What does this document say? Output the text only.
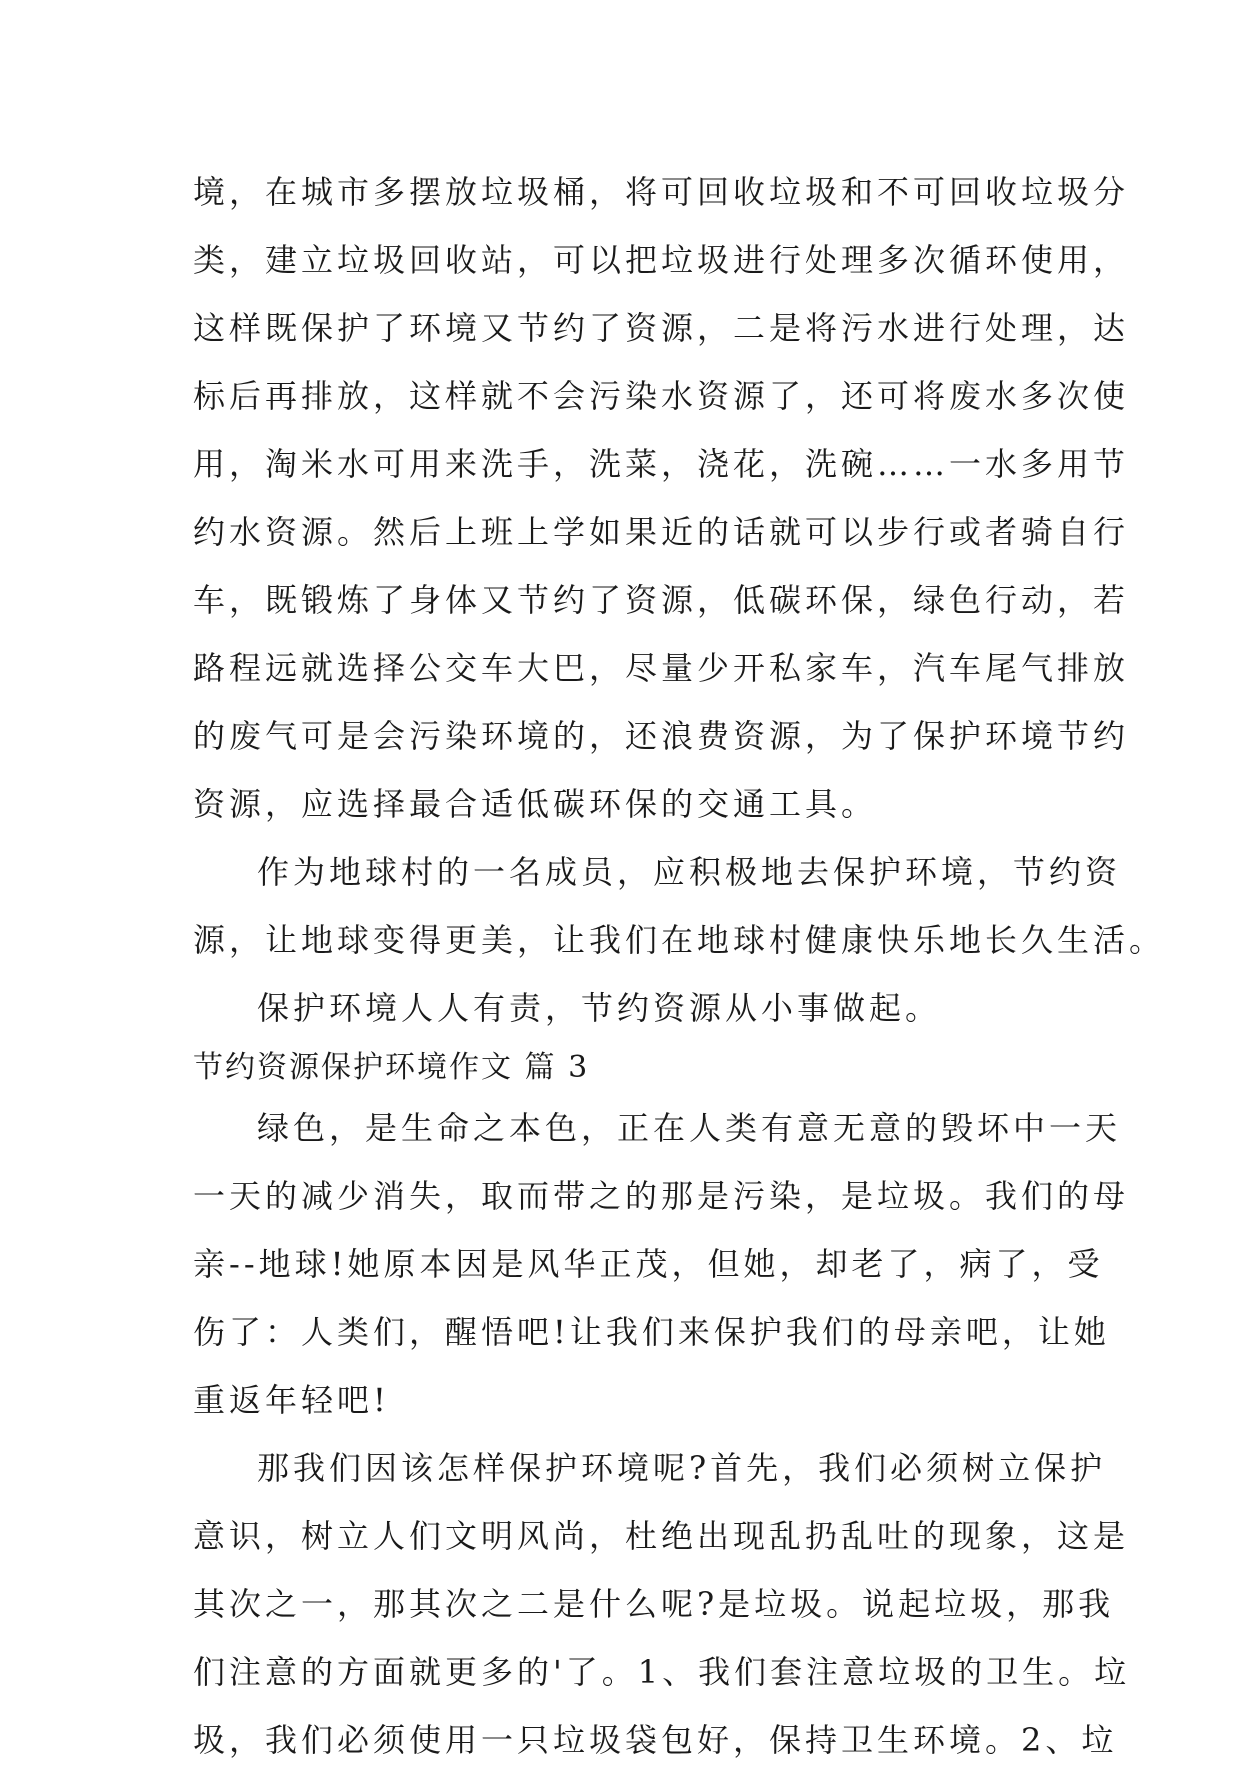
境，在城市多摆放垃圾桶，将可回收垃圾和不可回收垃圾分
类，建立垃圾回收站，可以把垃圾进行处理多次循环使用，
这样既保护了环境又节约了资源，二是将污水进行处理，达
标后再排放，这样就不会污染水资源了，还可将废水多次使
用，淘米水可用来洗手，洗菜，浇花，洗碗……一水多用节
约水资源。然后上班上学如果近的话就可以步行或者骑自行
车，既锻炼了身体又节约了资源，低碳环保，绿色行动，若
路程远就选择公交车大巴，尽量少开私家车，汽车尾气排放
的废气可是会污染环境的，还浪费资源，为了保护环境节约
资源，应选择最合适低碳环保的交通工具。
作为地球村的一名成员，应积极地去保护环境，节约资
源，让地球变得更美，让我们在地球村健康快乐地长久生活。
保护环境人人有责，节约资源从小事做起。
节约资源保护环境作文 篇 3
绿色，是生命之本色，正在人类有意无意的毁坏中一天
一天的减少消失，取而带之的那是污染，是垃圾。我们的母
亲--地球!她原本因是风华正茂，但她，却老了，病了，受
伤了：人类们，醒悟吧!让我们来保护我们的母亲吧，让她
重返年轻吧!
那我们因该怎样保护环境呢?首先，我们必须树立保护
意识，树立人们文明风尚，杜绝出现乱扔乱吐的现象，这是
其次之一，那其次之二是什么呢?是垃圾。说起垃圾，那我
们注意的方面就更多的'了。1、我们套注意垃圾的卫生。垃
圾，我们必须使用一只垃圾袋包好，保持卫生环境。2、垃
